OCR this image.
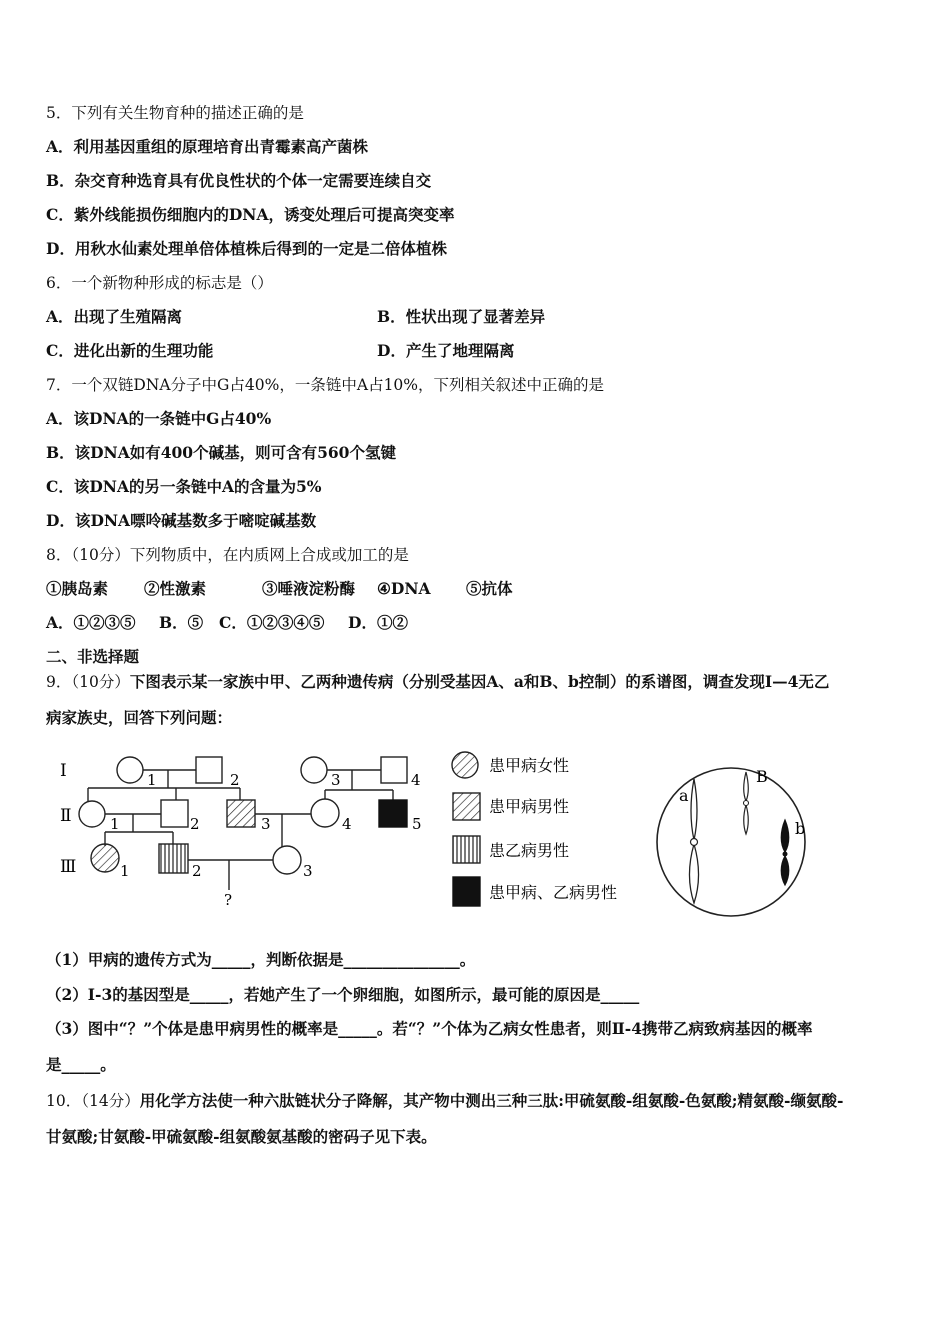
5．下列有关生物育种的描述正确的是
A．利用基因重组的原理培育出青霉素高产菌株
B．杂交育种选育具有优良性状的个体一定需要连续自交
C．紫外线能损伤细胞内的DNA，诱变处理后可提高突变率
D．用秋水仙素处理单倍体植株后得到的一定是二倍体植株
6．一个新物种形成的标志是（）
A．出现了生殖隔离	B．性状出现了显著差异
C．进化出新的生理功能	D．产生了地理隔离
7．一个双链DNA分子中G占40%，一条链中A占10%，下列相关叙述中正确的是
A．该DNA的一条链中G占40%
B．该DNA如有400个碱基，则可含有560个氢键
C．该DNA的另一条链中A的含量为5%
D．该DNA嘌呤碱基数多于嘧啶碱基数
8．（10分）下列物质中，在内质网上合成或加工的是
①胰岛素 ②性激素	③唾液淀粉酶 ④DNA ⑤抗体
A．①②③⑤ B．⑤ C．①②③④⑤ D．①②
二、非选择题
9．（10分）下图表示某一家族中甲、乙两种遗传病（分别受基因A、a和B、b控制）的系谱图，调查发现Ⅰ—4无乙
病家族史，回答下列问题：
Ⅰ
Ⅱ
Ⅲ
1	2	3	4
1	2	3	4	5
1	2	3
?
患甲病女性
患甲病男性
患乙病男性
患甲病、乙病男性
a
B
b
（1）甲病的遗传方式为_____，判断依据是_______________。
（2）Ⅰ-3的基因型是_____，若她产生了一个卵细胞，如图所示，最可能的原因是_____
（3）图中“？”个体是患甲病男性的概率是_____。若“？”个体为乙病女性患者，则Ⅱ-4携带乙病致病基因的概率
是_____。
10．（14分）用化学方法使一种六肽链状分子降解，其产物中测出三种三肽:甲硫氨酸-组氨酸-色氨酸;精氨酸-缬氨酸-
甘氨酸;甘氨酸-甲硫氨酸-组氨酸氨基酸的密码子见下表。
